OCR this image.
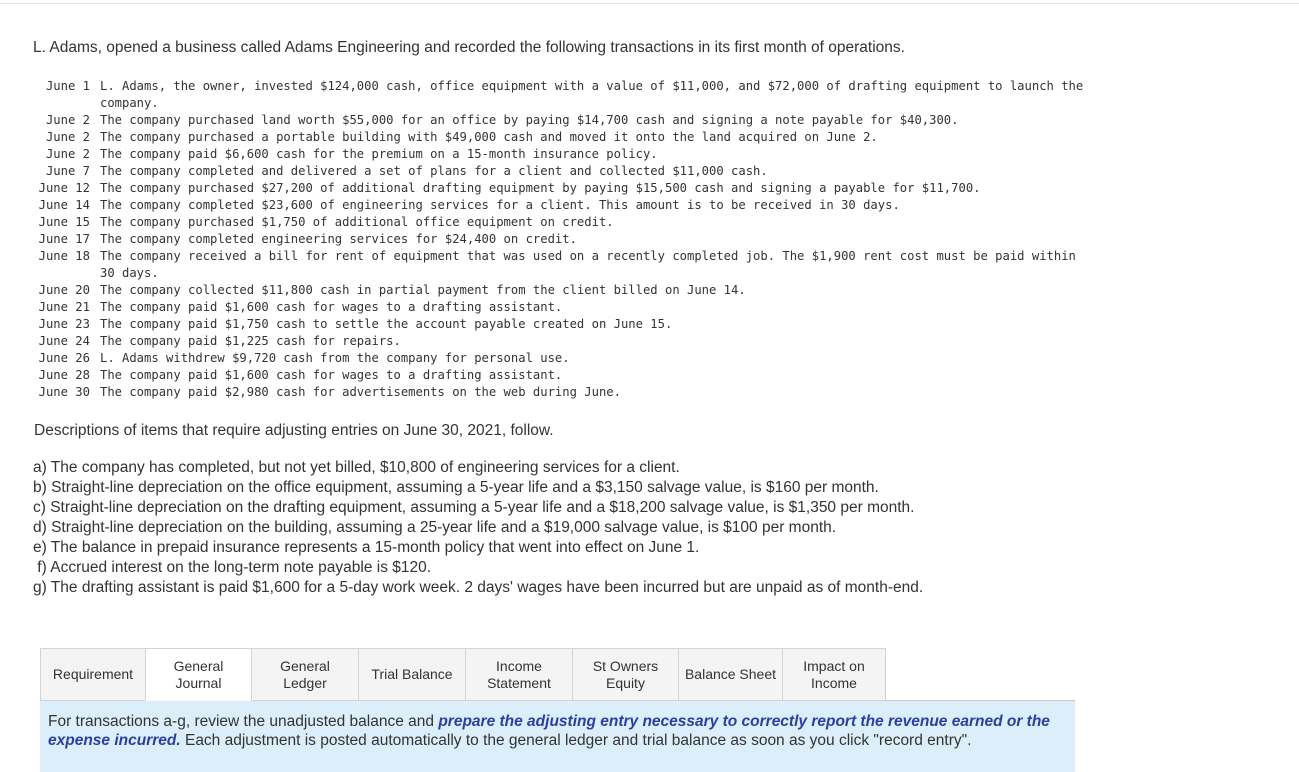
L. Adams, opened a business called Adams Engineering and recorded the following transactions in its first month of operations.
June 1 L. Adams, the owner, invested $124,000 cash, office equipment with a value of $11,000, and $72,000 of drafting equipment to launch the company.
June 2 The company purchased land worth $55,000 for an office by paying $14,700 cash and signing a note payable for $40,300.
June 2 The company purchased a portable building with $49,000 cash and moved it onto the land acquired on June 2.
June 2 The company paid $6,600 cash for the premium on a 15-month insurance policy.
June 7 The company completed and delivered a set of plans for a client and collected $11,000 cash.
June 12 The company purchased $27,200 of additional drafting equipment by paying $15,500 cash and signing a payable for $11,700.
June 14 The company completed $23,600 of engineering services for a client. This amount is to be received in 30 days.
June 15 The company purchased $1,750 of additional office equipment on credit.
June 17 The company completed engineering services for $24,400 on credit.
June 18 The company received a bill for rent of equipment that was used on a recently completed job. The $1,900 rent cost must be paid within 30 days.
June 20 The company collected $11,800 cash in partial payment from the client billed on June 14.
June 21 The company paid $1,600 cash for wages to a drafting assistant.
June 23 The company paid $1,750 cash to settle the account payable created on June 15.
June 24 The company paid $1,225 cash for repairs.
June 26 L. Adams withdrew $9,720 cash from the company for personal use.
June 28 The company paid $1,600 cash for wages to a drafting assistant.
June 30 The company paid $2,980 cash for advertisements on the web during June.
Descriptions of items that require adjusting entries on June 30, 2021, follow.
a) The company has completed, but not yet billed, $10,800 of engineering services for a client.
b) Straight-line depreciation on the office equipment, assuming a 5-year life and a $3,150 salvage value, is $160 per month.
c) Straight-line depreciation on the drafting equipment, assuming a 5-year life and a $18,200 salvage value, is $1,350 per month.
d) Straight-line depreciation on the building, assuming a 25-year life and a $19,000 salvage value, is $100 per month.
e) The balance in prepaid insurance represents a 15-month policy that went into effect on June 1.
f) Accrued interest on the long-term note payable is $120.
g) The drafting assistant is paid $1,600 for a 5-day work week. 2 days' wages have been incurred but are unpaid as of month-end.
Requirement
General
Journal
General
Ledger
Trial Balance
Income
Statement
St Owners
Equity
Balance Sheet
Impact on
Income
For transactions a-g, review the unadjusted balance and prepare the adjusting entry necessary to correctly report the revenue earned or the expense incurred. Each adjustment is posted automatically to the general ledger and trial balance as soon as you click "record entry".
